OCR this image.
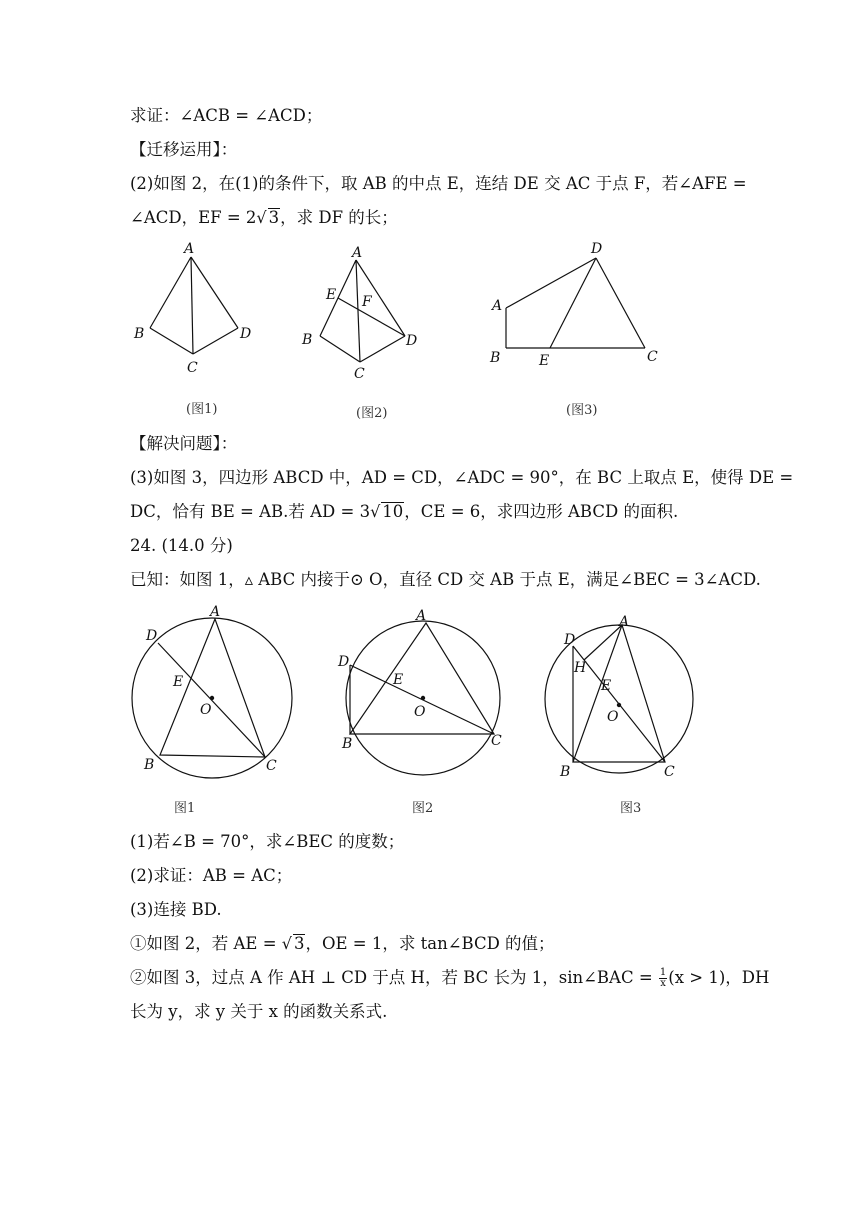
求证：∠ACB = ∠ACD；
【迁移运用】：
(2)如图 2，在(1)的条件下，取 AB 的中点 E，连结 DE 交 AC 于点 F，若∠AFE =
∠ACD，EF = 2√ 3，求 DF 的长；
A
B
C
D
(图1)
A
E F
B	D
C
(图2)
A
B	E	C
D
(图3)
【解决问题】：
(3)如图 3，四边形 ABCD 中，AD = CD，∠ADC = 90°，在 BC 上取点 E，使得 DE =
DC，恰有 BE = AB.若 AD = 3√ 10，CE = 6，求四边形 ABCD 的面积.
24. (14.0 分)
已知：如图 1，▵ ABC 内接于⊙ O，直径 CD 交 AB 于点 E，满足∠BEC = 3∠ACD.
A
D
E
O
B	C
图1
A
D
E
O
B	C
图2
A
D
H
E
O
B	C
图3
(1)若∠B = 70°，求∠BEC 的度数；
(2)求证：AB = AC；
(3)连接 BD.
①如图 2，若 AE = √ 3，OE = 1，求 tan∠BCD 的值；
②如图 3，过点 A 作 AH ⊥ CD 于点 H，若 BC 长为 1，sin∠BAC = $\frac{1}{x} (x > 1)$，DH
长为 y，求 y 关于 x 的函数关系式.
